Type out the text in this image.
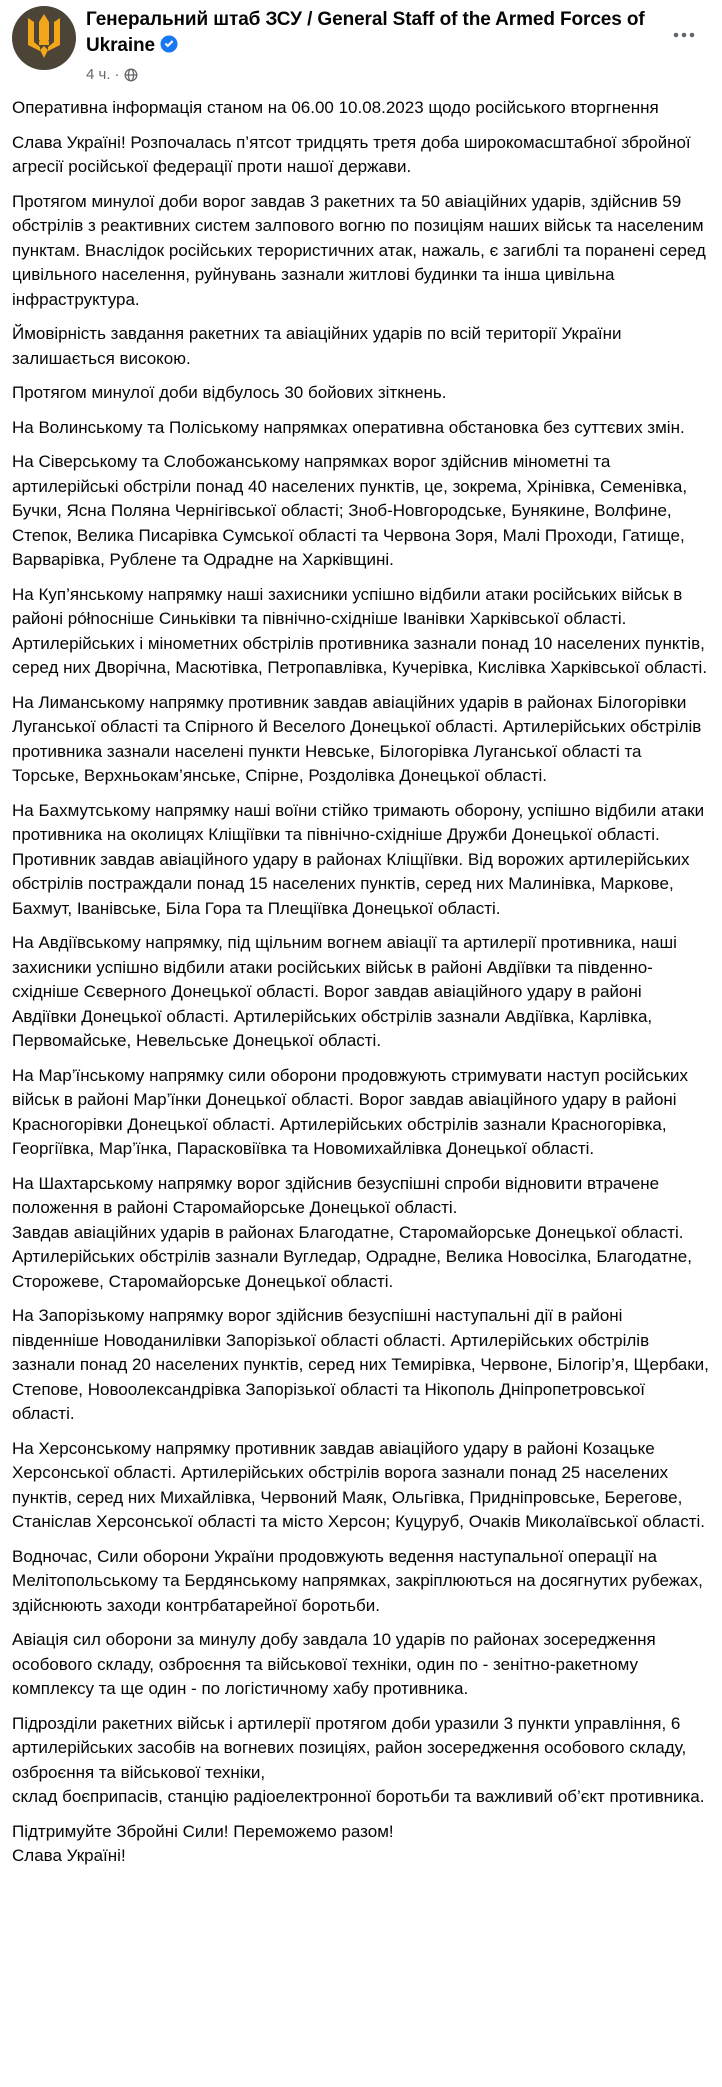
Генеральний штаб ЗСУ / General Staff of the Armed Forces of Ukraine
4 ч. ·

Оперативна інформація станом на 06.00 10.08.2023 щодо російського вторгнення

Слава Україні! Розпочалась п’ятсот тридцять третя доба широкомасштабної збройної агресії російської федерації проти нашої держави.

Протягом минулої доби ворог завдав 3 ракетних та 50 авіаційних ударів, здійснив 59 обстрілів з реактивних систем залпового вогню по позиціям наших військ та населеним пунктам. Внаслідок російських терористичних атак, нажаль, є загиблі та поранені серед цивільного населення, руйнувань зазнали житлові будинки та інша цивільна інфраструктура.

Ймовірність завдання ракетних та авіаційних ударів по всій території України залишається високою.

Протягом минулої доби відбулось 30 бойових зіткнень.

На Волинському та Поліському напрямках оперативна обстановка без суттєвих змін.

На Сіверському та Слобожанському напрямках ворог здійснив мінометні та артилерійські обстріли понад 40 населених пунктів, це, зокрема, Хрінівка, Семенівка, Бучки, Ясна Поляна Чернігівської області; Зноб-Новгородське, Бунякине, Волфине, Степок, Велика Писарівка Сумської області та Червона Зоря, Малі Проходи, Гатище, Варварівка, Рублене та Одрадне на Харківщині.

На Куп’янському напрямку наші захисники успішно відбили атаки російських військ в районі północніше Синьківки та північно-східніше Іванівки Харківської області. Артилерійських і мінометних обстрілів противника зазнали понад 10 населених пунктів, серед них Дворічна, Масютівка, Петропавлівка, Кучерівка, Кислівка Харківської області.

На Лиманському напрямку противник завдав авіаційних ударів в районах Білогорівки Луганської області та Спірного й Веселого Донецької області. Артилерійських обстрілів противника зазнали населені пункти Невське, Білогорівка Луганської області та Торське, Верхньокам’янське, Спірне, Роздолівка Донецької області.

На Бахмутському напрямку наші воїни стійко тримають оборону, успішно відбили атаки противника на околицях Кліщіївки та північно-східніше Дружби Донецької області. Противник завдав авіаційного удару в районах Кліщіївки. Від ворожих артилерійських обстрілів постраждали понад 15 населених пунктів, серед них Малинівка, Маркове, Бахмут, Іванівське, Біла Гора та Плещіївка Донецької області.

На Авдіївському напрямку, під щільним вогнем авіації та артилерії противника, наші захисники успішно відбили атаки російських військ в районі Авдіївки та південно-східніше Сєверного Донецької області. Ворог завдав авіаційного удару в районі Авдіївки Донецької області. Артилерійських обстрілів зазнали Авдіївка, Карлівка, Первомайське, Невельське Донецької області.

На Мар’їнському напрямку сили оборони продовжують стримувати наступ російських військ в районі Мар’їнки Донецької області. Ворог завдав авіаційного удару в районі Красногорівки Донецької області. Артилерійських обстрілів зазнали Красногорівка, Георгіївка, Мар’їнка, Парасковіївка та Новомихайлівка Донецької області.

На Шахтарському напрямку ворог здійснив безуспішні спроби відновити втрачене положення в районі Старомайорське Донецької області.
Завдав авіаційних ударів в районах Благодатне, Старомайорське Донецької області. Артилерійських обстрілів зазнали Вугледар, Одрадне, Велика Новосілка, Благодатне, Сторожеве, Старомайорське Донецької області.

На Запорізькому напрямку ворог здійснив безуспішні наступальні дії в районі південніше Новоданилівки Запорізької області області. Артилерійських обстрілів зазнали понад 20 населених пунктів, серед них Темирівка, Червоне, Білогір’я, Щербаки, Степове, Новоолександрівка Запорізької області та Нікополь Дніпропетровської області.

На Херсонському напрямку противник завдав авіаційого удару в районі Козацьке Херсонської області. Артилерійських обстрілів ворога зазнали понад 25 населених пунктів, серед них Михайлівка, Червоний Маяк, Ольгівка, Придніпровське, Берегове, Станіслав Херсонської області та місто Херсон; Куцуруб, Очаків Миколаївської області.

Водночас, Сили оборони України продовжують ведення наступальної операції на Мелітопольському та Бердянському напрямках, закріплюються на досягнутих рубежах, здійснюють заходи контрбатарейної боротьби.

Авіація сил оборони за минулу добу завдала 10 ударів по районах зосередження особового складу, озброєння та військової техніки, один по - зенітно-ракетному комплексу та ще один - по логістичному хабу противника.

Підрозділи ракетних військ і артилерії протягом доби уразили 3 пункти управління, 6 артилерійських засобів на вогневих позиціях, район зосередження особового складу, озброєння та військової техніки,
склад боєприпасів, станцію радіоелектронної боротьби та важливий об’єкт противника.

Підтримуйте Збройні Сили! Переможемо разом!
Слава Україні!
